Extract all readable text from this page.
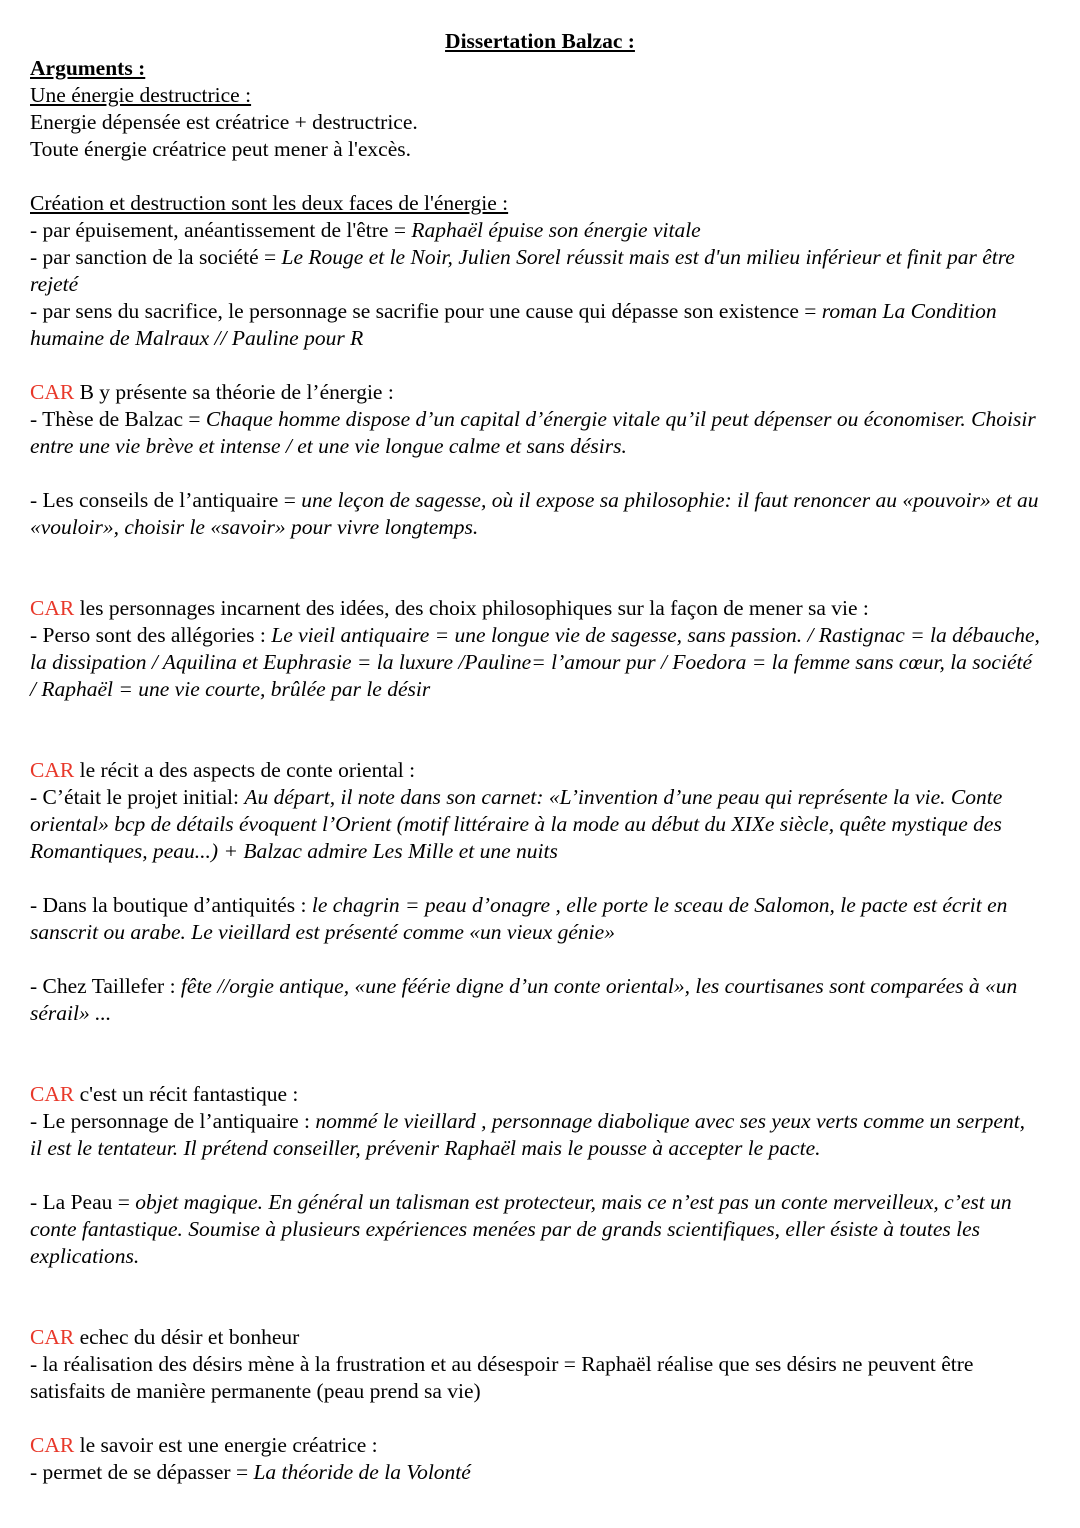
Dissertation Balzac :

Arguments :

Une énergie destructrice :

Energie dépensée est créatrice + destructrice.

Toute énergie créatrice peut mener à l'excès.

Création et destruction sont les deux faces de l'énergie :

- par épuisement, anéantissement de l'être = Raphaël épuise son énergie vitale

- par sanction de la société = Le Rouge et le Noir, Julien Sorel réussit mais est d'un milieu inférieur et finit par être rejeté

- par sens du sacrifice, le personnage se sacrifie pour une cause qui dépasse son existence = roman La Condition humaine de Malraux // Pauline pour R

CAR B y présente sa théorie de l’énergie :

- Thèse de Balzac = Chaque homme dispose d’un capital d’énergie vitale qu’il peut dépenser ou économiser. Choisir entre une vie brève et intense / et une vie longue calme et sans désirs.

- Les conseils de l’antiquaire = une leçon de sagesse, où il expose sa philosophie: il faut renoncer au «pouvoir» et au «vouloir», choisir le «savoir» pour vivre longtemps.

CAR les personnages incarnent des idées, des choix philosophiques sur la façon de mener sa vie :

- Perso sont des allégories : Le vieil antiquaire = une longue vie de sagesse, sans passion. / Rastignac = la débauche, la dissipation / Aquilina et Euphrasie = la luxure /Pauline= l’amour pur / Foedora = la femme sans cœur, la société / Raphaël = une vie courte, brûlée par le désir

CAR le récit a des aspects de conte oriental :

- C’était le projet initial: Au départ, il note dans son carnet: «L’invention d’une peau qui représente la vie. Conte oriental» bcp de détails évoquent l’Orient (motif littéraire à la mode au début du XIXe siècle, quête mystique des Romantiques, peau...) + Balzac admire Les Mille et une nuits

- Dans la boutique d’antiquités : le chagrin = peau d’onagre , elle porte le sceau de Salomon, le pacte est écrit en sanscrit ou arabe. Le vieillard est présenté comme «un vieux génie»

- Chez Taillefer : fête //orgie antique, «une féérie digne d’un conte oriental», les courtisanes sont comparées à «un sérail» ...

CAR c'est un récit fantastique :

- Le personnage de l’antiquaire : nommé le vieillard , personnage diabolique avec ses yeux verts comme un serpent, il est le tentateur. Il prétend conseiller, prévenir Raphaël mais le pousse à accepter le pacte.

- La Peau = objet magique. En général un talisman est protecteur, mais ce n’est pas un conte merveilleux, c’est un conte fantastique. Soumise à plusieurs expériences menées par de grands scientifiques, eller ésiste à toutes les explications.

CAR echec du désir et bonheur

- la réalisation des désirs mène à la frustration et au désespoir = Raphaël réalise que ses désirs ne peuvent être satisfaits de manière permanente (peau prend sa vie)

CAR le savoir est une energie créatrice :

- permet de se dépasser = La théoride de la Volonté
